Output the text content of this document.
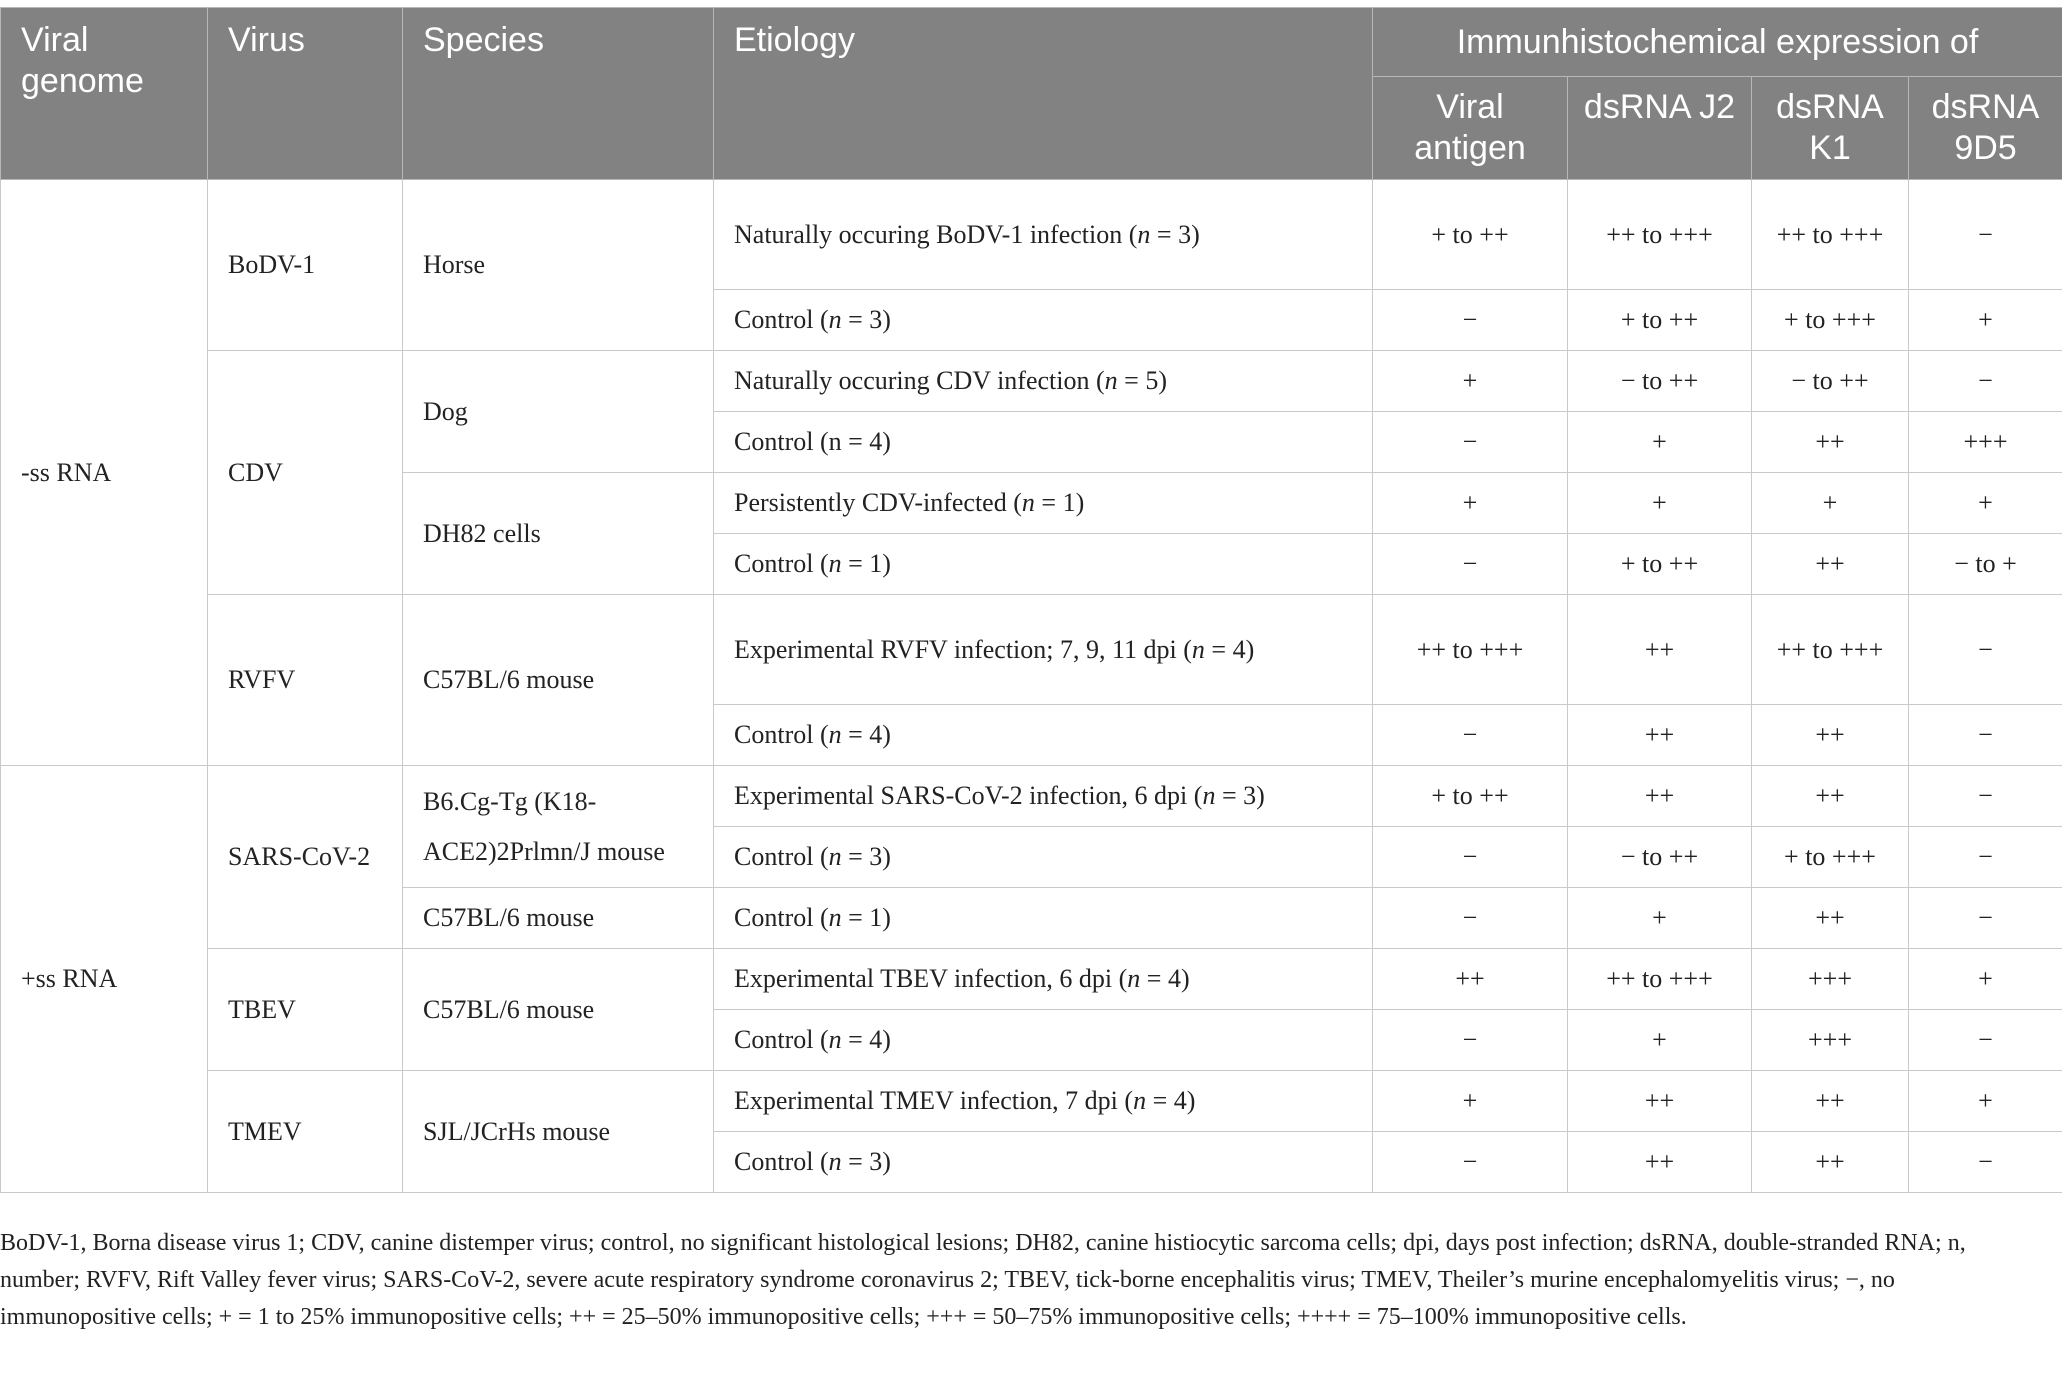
Viral genome	Virus	Species	Etiology	Immunhistochemical expression of			
				Viral antigen	dsRNA J2	dsRNA K1	dsRNA 9D5
-ss RNA	BoDV-1	Horse	Naturally occuring BoDV-1 infection (n = 3)	+ to ++	++ to +++	++ to +++	−
			Control (n = 3)	−	+ to ++	+ to +++	+
	CDV	Dog	Naturally occuring CDV infection (n = 5)	+	− to ++	− to ++	−
			Control (n = 4)	−	+	++	+++
		DH82 cells	Persistently CDV-infected (n = 1)	+	+	+	+
			Control (n = 1)	−	+ to ++	++	− to +
	RVFV	C57BL/6 mouse	Experimental RVFV infection; 7, 9, 11 dpi (n = 4)	++ to +++	++	++ to +++	−
			Control (n = 4)	−	++	++	−
+ss RNA	SARS-CoV-2	B6.Cg-Tg (K18-ACE2)2Prlmn/J mouse	Experimental SARS-CoV-2 infection, 6 dpi (n = 3)	+ to ++	++	++	−
			Control (n = 3)	−	− to ++	+ to +++	−
		C57BL/6 mouse	Control (n = 1)	−	+	++	−
	TBEV	C57BL/6 mouse	Experimental TBEV infection, 6 dpi (n = 4)	++	++ to +++	+++	+
			Control (n = 4)	−	+	+++	−
	TMEV	SJL/JCrHs mouse	Experimental TMEV infection, 7 dpi (n = 4)	+	++	++	+
			Control (n = 3)	−	++	++	−
BoDV-1, Borna disease virus 1; CDV, canine distemper virus; control, no significant histological lesions; DH82, canine histiocytic sarcoma cells; dpi, days post infection; dsRNA, double-stranded RNA; n, number; RVFV, Rift Valley fever virus; SARS-CoV-2, severe acute respiratory syndrome coronavirus 2; TBEV, tick-borne encephalitis virus; TMEV, Theiler’s murine encephalomyelitis virus; −, no immunopositive cells; + = 1 to 25% immunopositive cells; ++ = 25–50% immunopositive cells; +++ = 50–75% immunopositive cells; ++++ = 75–100% immunopositive cells.
